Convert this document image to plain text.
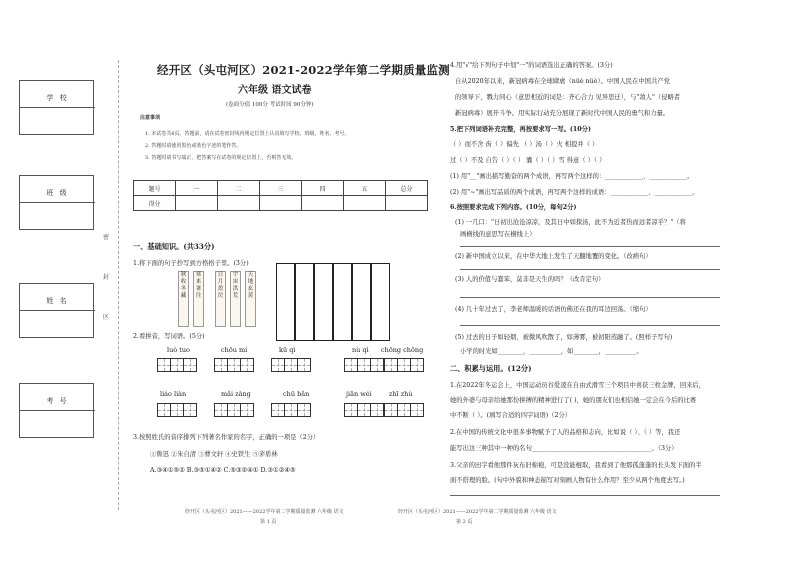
学 校
班 级
姓 名
考 号
密
封
区
经开区（头屯河区）2021-2022学年第二学期质量监测
六年级 语文试卷
(卷面分值 100分 考试时间 90分钟)
注意事项
1. 本试卷共6页。答题前，请在试卷密封线内规定位置上认真填写学校、班级、姓名、考号。
2. 答题时请使用黑色或蓝色字迹的笔作答。
3. 答题时请书写端正，把答案写在试卷的规定位置上，否则答无效。
题号	一	二	三	四	五	总分
得分						
一、基础知识。(共33分)
1.将下面的句子抄写到方格格子里。(3分)
秋
收
冬
藏
寒
来
暑
往
日
月
盈
昃
宇
宙
洪
荒
天
地
玄
黄
2.看拼音，写词语。(5分)
luò tuo	chōu mí	kū qì	nù qì chōng chōng
liáo liàn	mǎi zàng	chū bǎn	jiān wéi	zhī zhù
3.按照姓氏的音序排列下列著名作家的名字，正确的一项是（2分）
①鲁迅 ②朱自清 ③曹文轩 ④史铁生 ⑤茅盾林
A.③④①⑤② B.③⑤①④② C.⑤③②④① D.③①②④⑤
经开区（头屯河区）2021——2022学年第二学期质量监测 六年级 语文
第 1 页
经开区（头屯河区）2021——2022学年第二学期质量监测 六年级 语文
第 2 页
4.用"√"给下列句子中划"一"的词语选出正确的答案。(3分)
自从2020年以来，新冠病毒在全球肆虐（nüè nüè）。中国人民在中国共产党
的领导下，戮力同心（意思相近的词是：齐心合力 见异思迁），与"敌人"（侵略者
新冠病毒）展开斗争。用实际行动充分展现了新时代中国人民的勇气和力量。
5.把下列词语补充完整，再按要求写一写。(10分)
（ ）而不舍 齿（ ）偏先 （ ）汤（ ）火 相提并（ ）
过（ ）不及 自告（ ）（ ） 囊（ ）（ ）雪 得意（ ）（ ）
(1) 用"__"画出描写勤奋的两个成语，再写两个这样的：____________、____________。
(2) 用"~"画出写品质的两个成语，再写两个这样的成语：____________、____________。
6.按照要求完成下列内容。(10分，每句2分)
(1) 一几口："日初出沧沧凉凉，及其日中如探汤，此不为近者热而远者凉乎？"（将
画横线的意思写在横线上）
(2) 新中国成立以来，在中华大地上发生了天翻地覆的变化。（改病句）
(3) 人的价值与蠢笨，莫非是天生的吗？（改肯定句）
(4) 几十年过去了，李老师温暖的话语仿佛还在我的耳边回荡。（缩句）
(5) 过去的日子如轻烟，被微风吹散了，如薄雾，被初阳蒸融了。(照样子写句)
小学的时光如________，__________，如________，__________。
二、积累与运用。(12分)
1.在2022年冬运会上，中国运动员谷爱凌在自由式滑雪三个项目中喜获三枚金牌，回来后，
她的外婆与母亲给她那份拼搏的精神进行了( )，她的朋友们也相信她一定会在今后的比赛
中不断（ ）。(填写合适的四字词语)（2分）
2.在中国的传统文化中很多事物赋予了人的品格和志向，比如说（ ）、（ ）等，我还
能写出这三种其中一种的名句______________________________________。（3分）
3.父亲的田字看他那件灰布旧棉袍，可是没能棍取，我看到了他那孤蓬蓬的长头发下面的半
面不搭理的脸。(句中外貌和神态描写对刻画人物有什么作用？至少从两个角度去写。)
